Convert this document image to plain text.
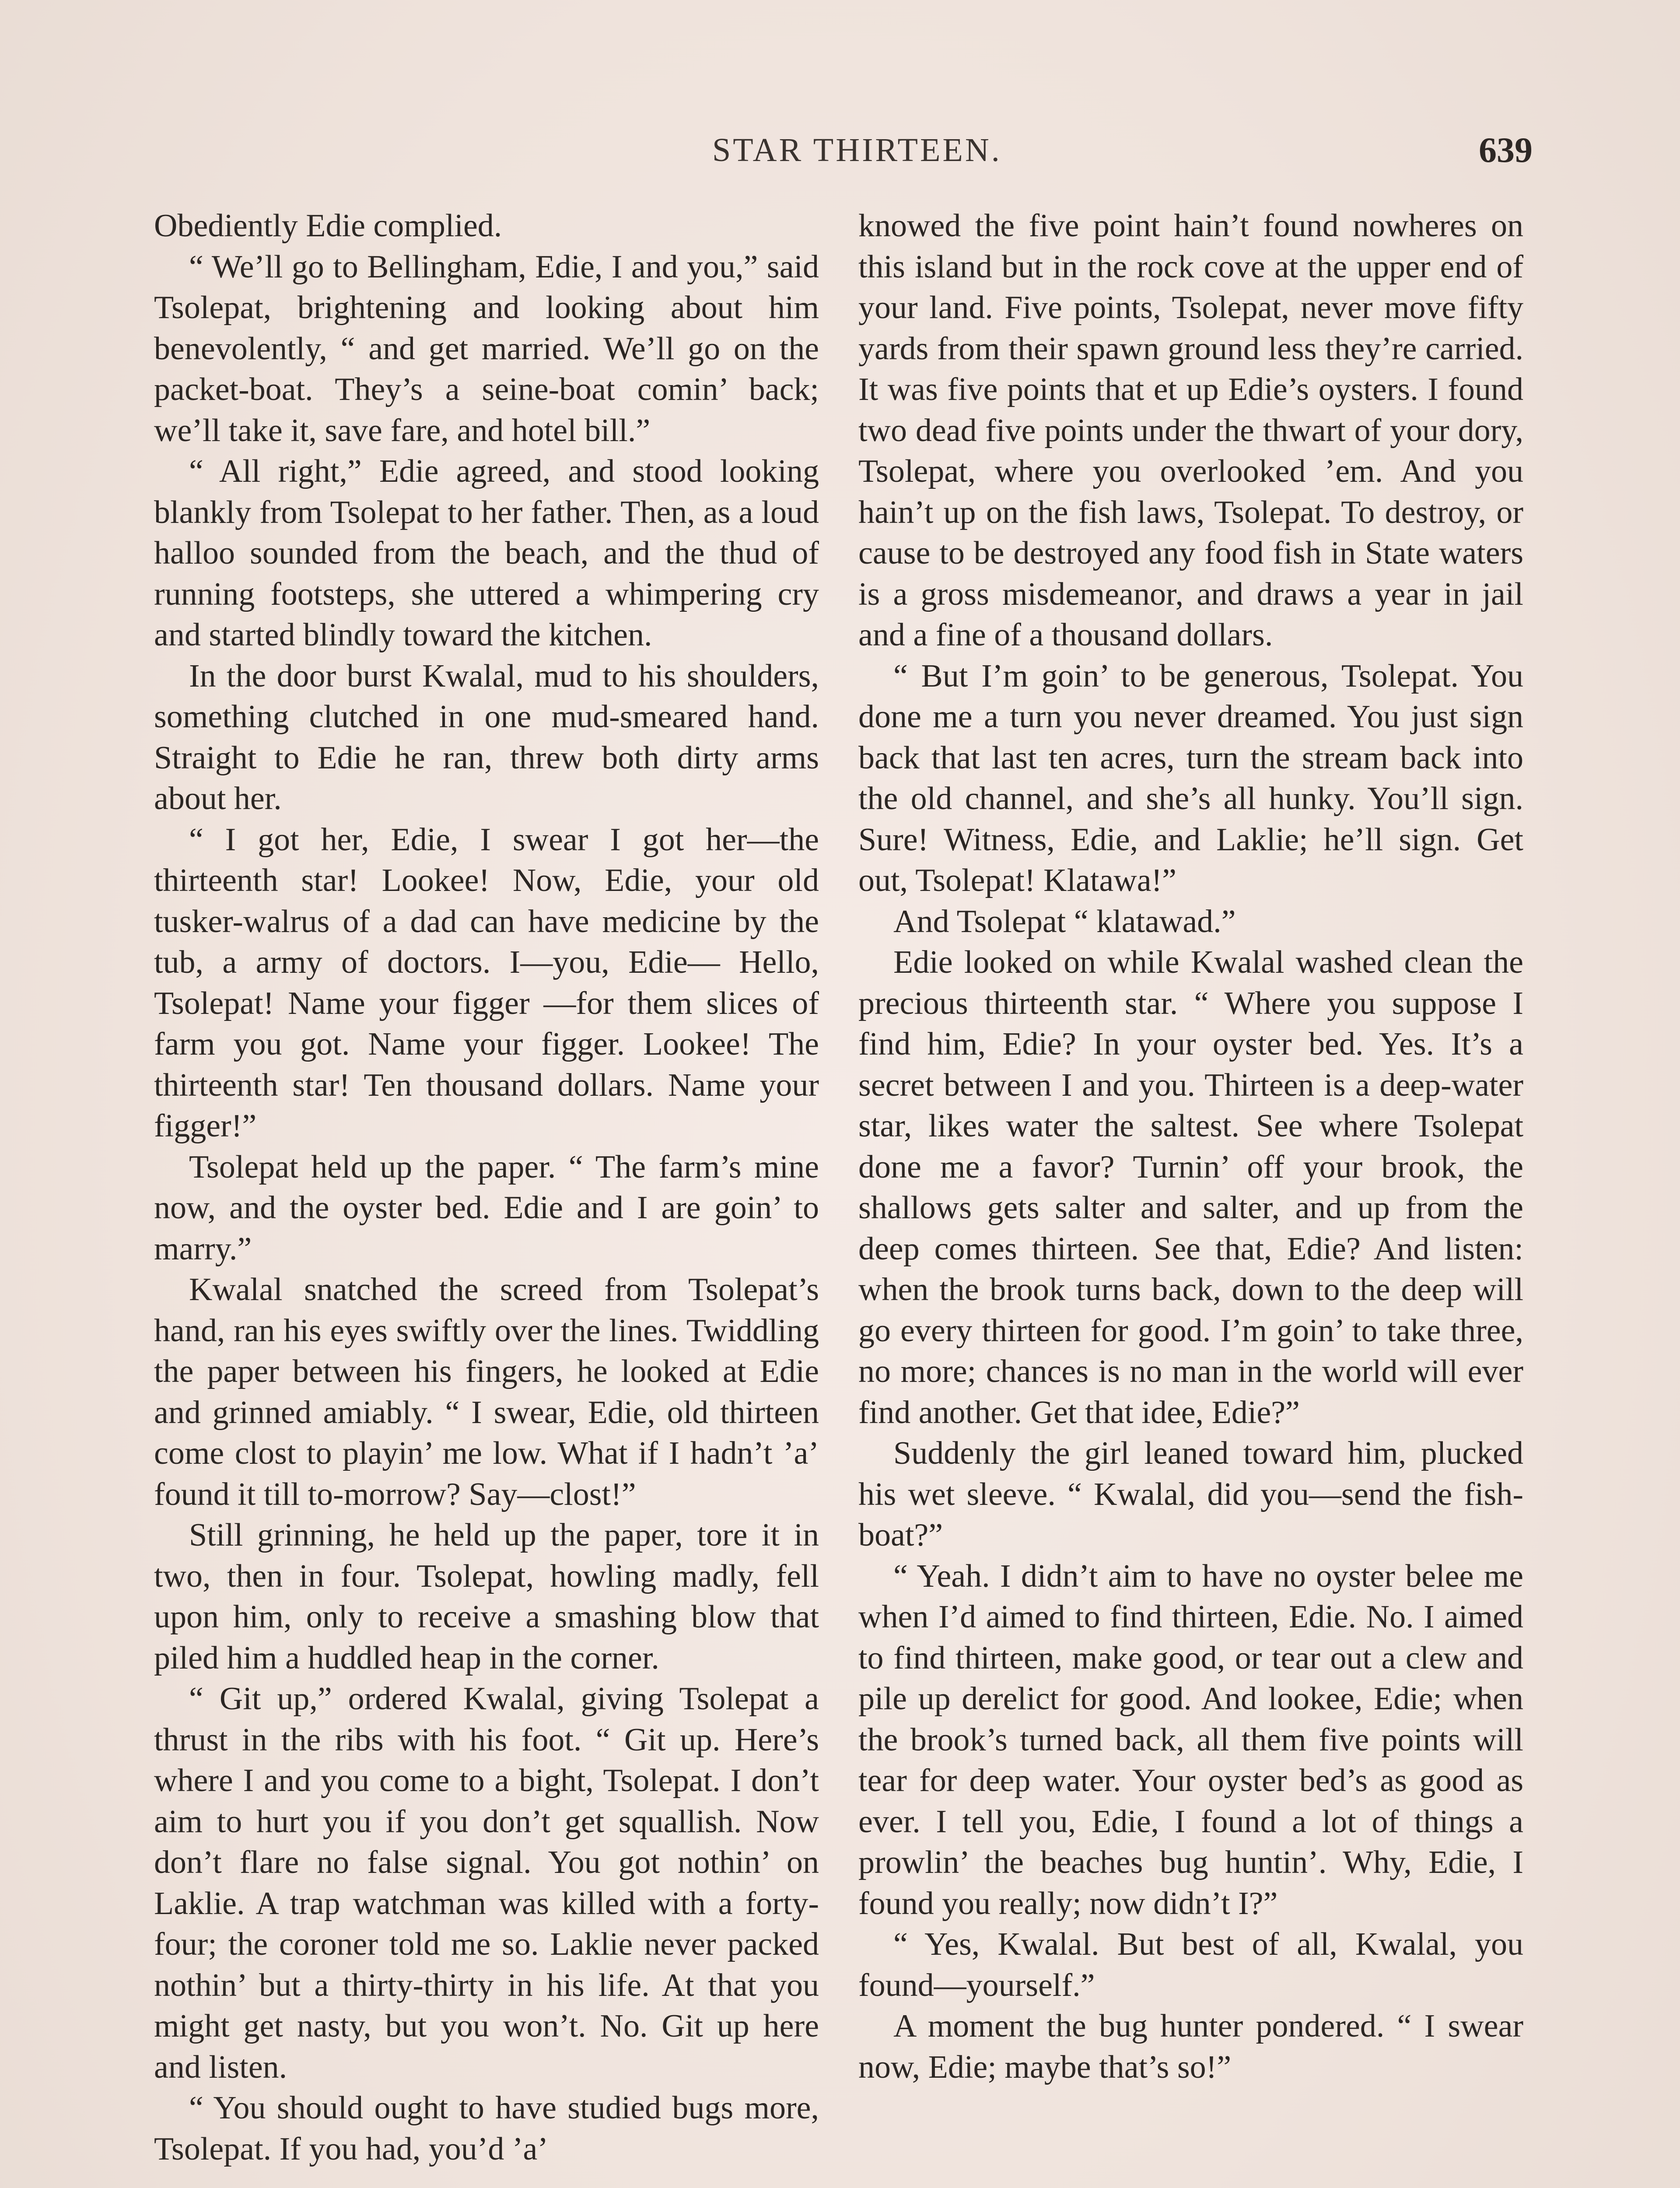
STAR THIRTEEN.	639

Obediently Edie complied.

“ We’ll go to Bellingham, Edie, I and you,” said Tsolepat, brightening and looking about him benevolently, “ and get married. We’ll go on the packet-boat. They’s a seine-boat comin’ back; we’ll take it, save fare, and hotel bill.”

“ All right,” Edie agreed, and stood looking blankly from Tsolepat to her father. Then, as a loud halloo sounded from the beach, and the thud of running footsteps, she uttered a whimpering cry and started blindly toward the kitchen.

In the door burst Kwalal, mud to his shoulders, something clutched in one mud-smeared hand. Straight to Edie he ran, threw both dirty arms about her.

“ I got her, Edie, I swear I got her—the thirteenth star! Lookee! Now, Edie, your old tusker-walrus of a dad can have medicine by the tub, a army of doctors. I—you, Edie— Hello, Tsolepat! Name your figger —for them slices of farm you got. Name your figger. Lookee! The thirteenth star! Ten thousand dollars. Name your figger!”

Tsolepat held up the paper. “ The farm’s mine now, and the oyster bed. Edie and I are goin’ to marry.”

Kwalal snatched the screed from Tsolepat’s hand, ran his eyes swiftly over the lines. Twiddling the paper between his fingers, he looked at Edie and grinned amiably. “ I swear, Edie, old thirteen come clost to playin’ me low. What if I hadn’t ’a’ found it till to-morrow? Say—clost!”

Still grinning, he held up the paper, tore it in two, then in four. Tsolepat, howling madly, fell upon him, only to receive a smashing blow that piled him a huddled heap in the corner.

“ Git up,” ordered Kwalal, giving Tsolepat a thrust in the ribs with his foot. “ Git up. Here’s where I and you come to a bight, Tsolepat. I don’t aim to hurt you if you don’t get squallish. Now don’t flare no false signal. You got nothin’ on Laklie. A trap watchman was killed with a forty-four; the coroner told me so. Laklie never packed nothin’ but a thirty-thirty in his life. At that you might get nasty, but you won’t. No. Git up here and listen.

“ You should ought to have studied bugs more, Tsolepat. If you had, you’d ’a’

knowed the five point hain’t found nowheres on this island but in the rock cove at the upper end of your land. Five points, Tsolepat, never move fifty yards from their spawn ground less they’re carried. It was five points that et up Edie’s oysters. I found two dead five points under the thwart of your dory, Tsolepat, where you overlooked ’em. And you hain’t up on the fish laws, Tsolepat. To destroy, or cause to be destroyed any food fish in State waters is a gross misdemeanor, and draws a year in jail and a fine of a thousand dollars.

“ But I’m goin’ to be generous, Tsolepat. You done me a turn you never dreamed. You just sign back that last ten acres, turn the stream back into the old channel, and she’s all hunky. You’ll sign. Sure! Witness, Edie, and Laklie; he’ll sign. Get out, Tsolepat! Klatawa!”

And Tsolepat “ klatawad.”

Edie looked on while Kwalal washed clean the precious thirteenth star. “ Where you suppose I find him, Edie? In your oyster bed. Yes. It’s a secret between I and you. Thirteen is a deep-water star, likes water the saltest. See where Tsolepat done me a favor? Turnin’ off your brook, the shallows gets salter and salter, and up from the deep comes thirteen. See that, Edie? And listen: when the brook turns back, down to the deep will go every thirteen for good. I’m goin’ to take three, no more; chances is no man in the world will ever find another. Get that idee, Edie?”

Suddenly the girl leaned toward him, plucked his wet sleeve. “ Kwalal, did you—send the fish-boat?”

“ Yeah. I didn’t aim to have no oyster belee me when I’d aimed to find thirteen, Edie. No. I aimed to find thirteen, make good, or tear out a clew and pile up derelict for good. And lookee, Edie; when the brook’s turned back, all them five points will tear for deep water. Your oyster bed’s as good as ever. I tell you, Edie, I found a lot of things a prowlin’ the beaches bug huntin’. Why, Edie, I found you really; now didn’t I?”

“ Yes, Kwalal. But best of all, Kwalal, you found—yourself.”

A moment the bug hunter pondered. “ I swear now, Edie; maybe that’s so!”
